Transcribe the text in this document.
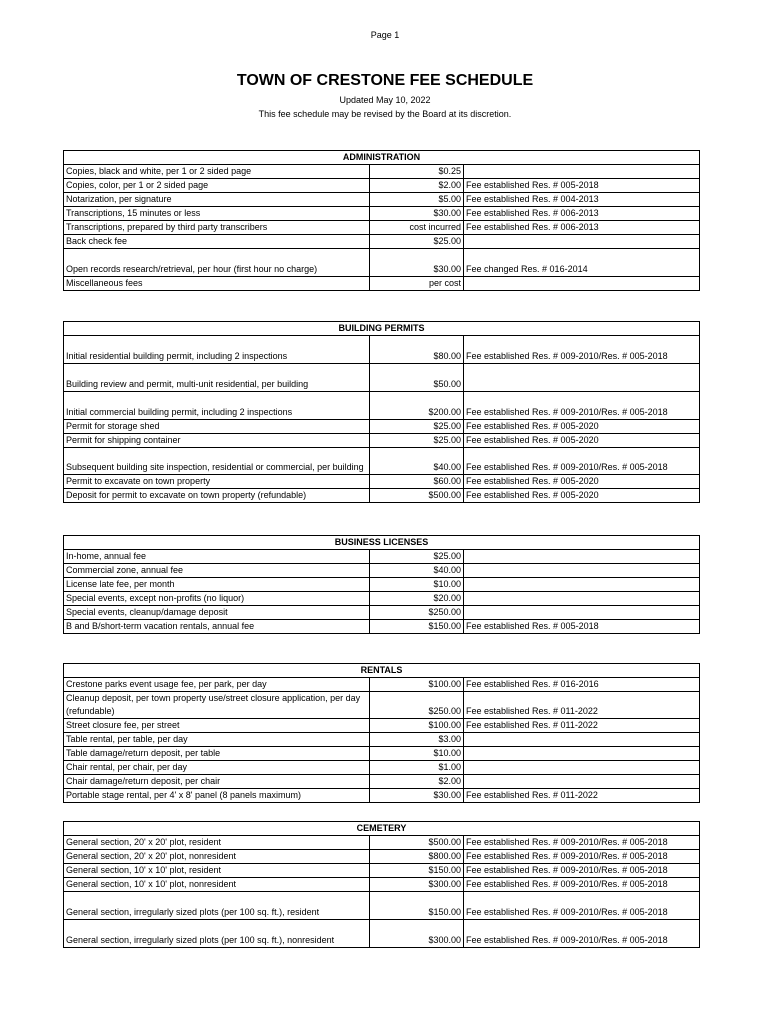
Page 1
TOWN OF CRESTONE FEE SCHEDULE
Updated May 10, 2022
This fee schedule may be revised by the Board at its discretion.
ADMINISTRATION		
Copies, black and white, per 1 or 2 sided page	$0.25	
Copies, color, per 1 or 2 sided page	$2.00	Fee established Res. # 005-2018
Notarization, per signature	$5.00	Fee established Res. # 004-2013
Transcriptions, 15 minutes or less	$30.00	Fee established Res. # 006-2013
Transcriptions, prepared by third party transcribers	cost incurred	Fee established Res. # 006-2013
Back check fee	$25.00	
Open records research/retrieval, per hour (first hour no charge)	$30.00	Fee changed Res. # 016-2014
Miscellaneous fees	per cost	
BUILDING PERMITS		
Initial residential building permit, including 2 inspections	$80.00	Fee established Res. # 009-2010/Res. # 005-2018
Building review and permit, multi-unit residential, per building	$50.00	
Initial commercial building permit, including 2 inspections	$200.00	Fee established Res. # 009-2010/Res. # 005-2018
Permit for storage shed	$25.00	Fee established Res. # 005-2020
Permit for shipping container	$25.00	Fee established Res. # 005-2020
Subsequent building site inspection, residential or commercial, per building	$40.00	Fee established Res. # 009-2010/Res. # 005-2018
Permit to excavate on town property	$60.00	Fee established Res. # 005-2020
Deposit for permit to excavate on town property (refundable)	$500.00	Fee established Res. # 005-2020
BUSINESS LICENSES		
In-home, annual fee	$25.00	
Commercial zone, annual fee	$40.00	
License late fee, per month	$10.00	
Special events, except non-profits (no liquor)	$20.00	
Special events, cleanup/damage deposit	$250.00	
B and B/short-term vacation rentals, annual fee	$150.00	Fee established Res. # 005-2018
RENTALS		
Crestone parks event usage fee, per park, per day	$100.00	Fee established Res. # 016-2016
Cleanup deposit, per town property use/street closure application, per day (refundable)	$250.00	Fee established Res. # 011-2022
Street closure fee, per street	$100.00	Fee established Res. # 011-2022
Table rental, per table, per day	$3.00	
Table damage/return deposit, per table	$10.00	
Chair rental, per chair, per day	$1.00	
Chair damage/return deposit, per chair	$2.00	
Portable stage rental, per 4' x 8' panel (8 panels maximum)	$30.00	Fee established Res. # 011-2022
CEMETERY		
General section, 20' x 20' plot, resident	$500.00	Fee established Res. # 009-2010/Res. # 005-2018
General section, 20' x 20' plot, nonresident	$800.00	Fee established Res. # 009-2010/Res. # 005-2018
General section, 10' x 10' plot, resident	$150.00	Fee established Res. # 009-2010/Res. # 005-2018
General section, 10' x 10' plot, nonresident	$300.00	Fee established Res. # 009-2010/Res. # 005-2018
General section, irregularly sized plots (per 100 sq. ft.), resident	$150.00	Fee established Res. # 009-2010/Res. # 005-2018
General section, irregularly sized plots (per 100 sq. ft.), nonresident	$300.00	Fee established Res. # 009-2010/Res. # 005-2018
